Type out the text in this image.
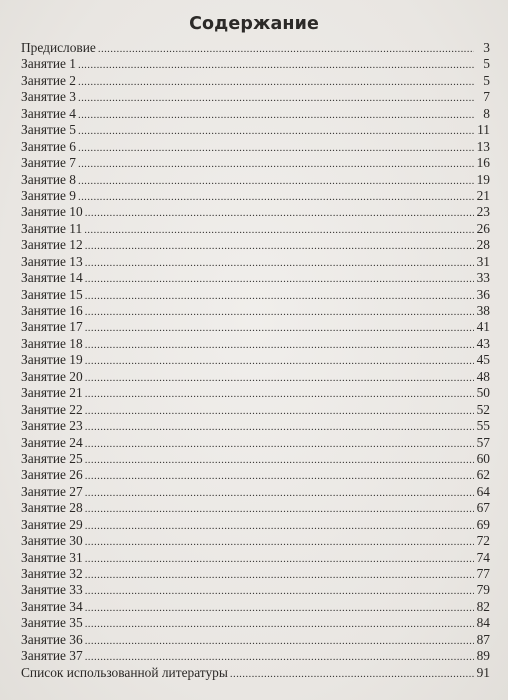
Содержание
Предисловие . . .	3
Занятие 1 . . .	5
Занятие 2 . . .	5
Занятие 3 . . .	7
Занятие 4 . . .	8
Занятие 5 . . .	11
Занятие 6 . . .	13
Занятие 7 . . .	16
Занятие 8 . . .	19
Занятие 9 . . .	21
Занятие 10 . . .	23
Занятие 11 . . .	26
Занятие 12 . . .	28
Занятие 13 . . .	31
Занятие 14 . . .	33
Занятие 15 . . .	36
Занятие 16 . . .	38
Занятие 17 . . .	41
Занятие 18 . . .	43
Занятие 19 . . .	45
Занятие 20 . . .	48
Занятие 21 . . .	50
Занятие 22 . . .	52
Занятие 23 . . .	55
Занятие 24 . . .	57
Занятие 25 . . .	60
Занятие 26 . . .	62
Занятие 27 . . .	64
Занятие 28 . . .	67
Занятие 29 . . .	69
Занятие 30 . . .	72
Занятие 31 . . .	74
Занятие 32 . . .	77
Занятие 33 . . .	79
Занятие 34 . . .	82
Занятие 35 . . .	84
Занятие 36 . . .	87
Занятие 37 . . .	89
Список использованной литературы . . .	91
